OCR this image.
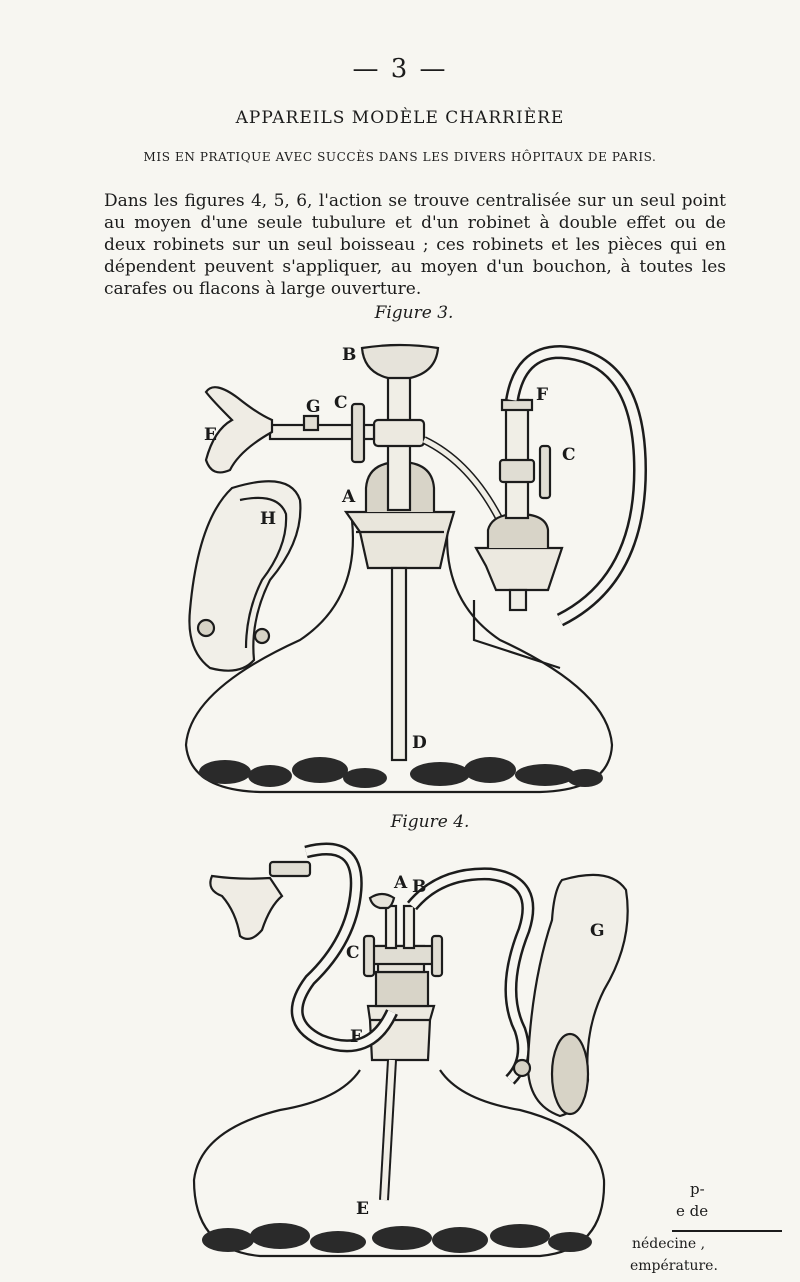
— 3 —
APPAREILS MODÈLE CHARRIÈRE
MIS EN PRATIQUE AVEC SUCCÈS DANS LES DIVERS HÔPITAUX DE PARIS.

Dans les figures 4, 5, 6, l'action se trouve centralisée sur un seul point au moyen d'une seule tubulure et d'un robinet à double effet ou de deux robinets sur un seul boisseau ; ces robinets et les pièces qui en dépendent peuvent s'appliquer, au moyen d'un bouchon, à toutes les carafes ou flacons à large ouverture.

Figure 3.
B
G C
E
F
C
A
H
D
Figure 4.
A B
C
F
E
G
p-
e de
nédecine ,
empérature.
